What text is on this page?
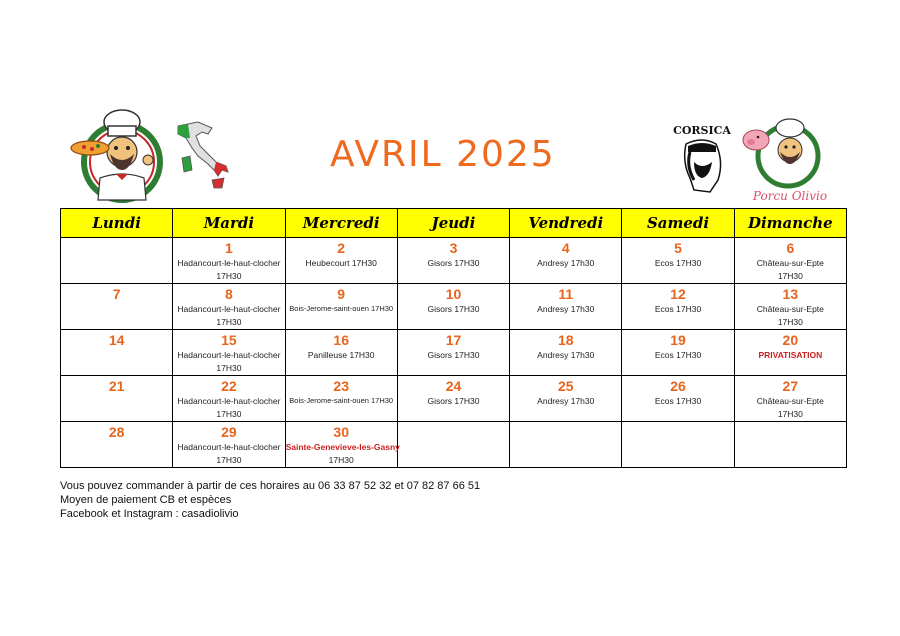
AVRIL 2025
CORSICA
Porcu Olivio
Lundi	Mardi	Mercredi	Jeudi	Vendredi	Samedi	Dimanche

	1
Hadancourt-le-haut-clocher
17H30	2
Heubecourt 17H30	3
Gisors 17H30	4
Andresy 17h30	5
Ecos 17H30	6
Château-sur-Epte
17H30

7	8
Hadancourt-le-haut-clocher
17H30	9
Bois-Jerome-saint-ouen 17H30	10
Gisors 17H30	11
Andresy 17h30	12
Ecos 17H30	13
Château-sur-Epte
17H30

14	15
Hadancourt-le-haut-clocher
17H30	16
Panilleuse 17H30	17
Gisors 17H30	18
Andresy 17h30	19
Ecos 17H30	20
PRIVATISATION

21	22
Hadancourt-le-haut-clocher
17H30	23
Bois-Jerome-saint-ouen 17H30	24
Gisors 17H30	25
Andresy 17h30	26
Ecos 17H30	27
Château-sur-Epte
17H30

28	29
Hadancourt-le-haut-clocher
17H30	30
Sainte-Genevieve-les-Gasny
17H30				

Vous pouvez commander à partir de ces horaires au 06 33 87 52 32 et 07 82 87 66 51
Moyen de paiement CB et espèces
Facebook et Instagram : casadiolivio
